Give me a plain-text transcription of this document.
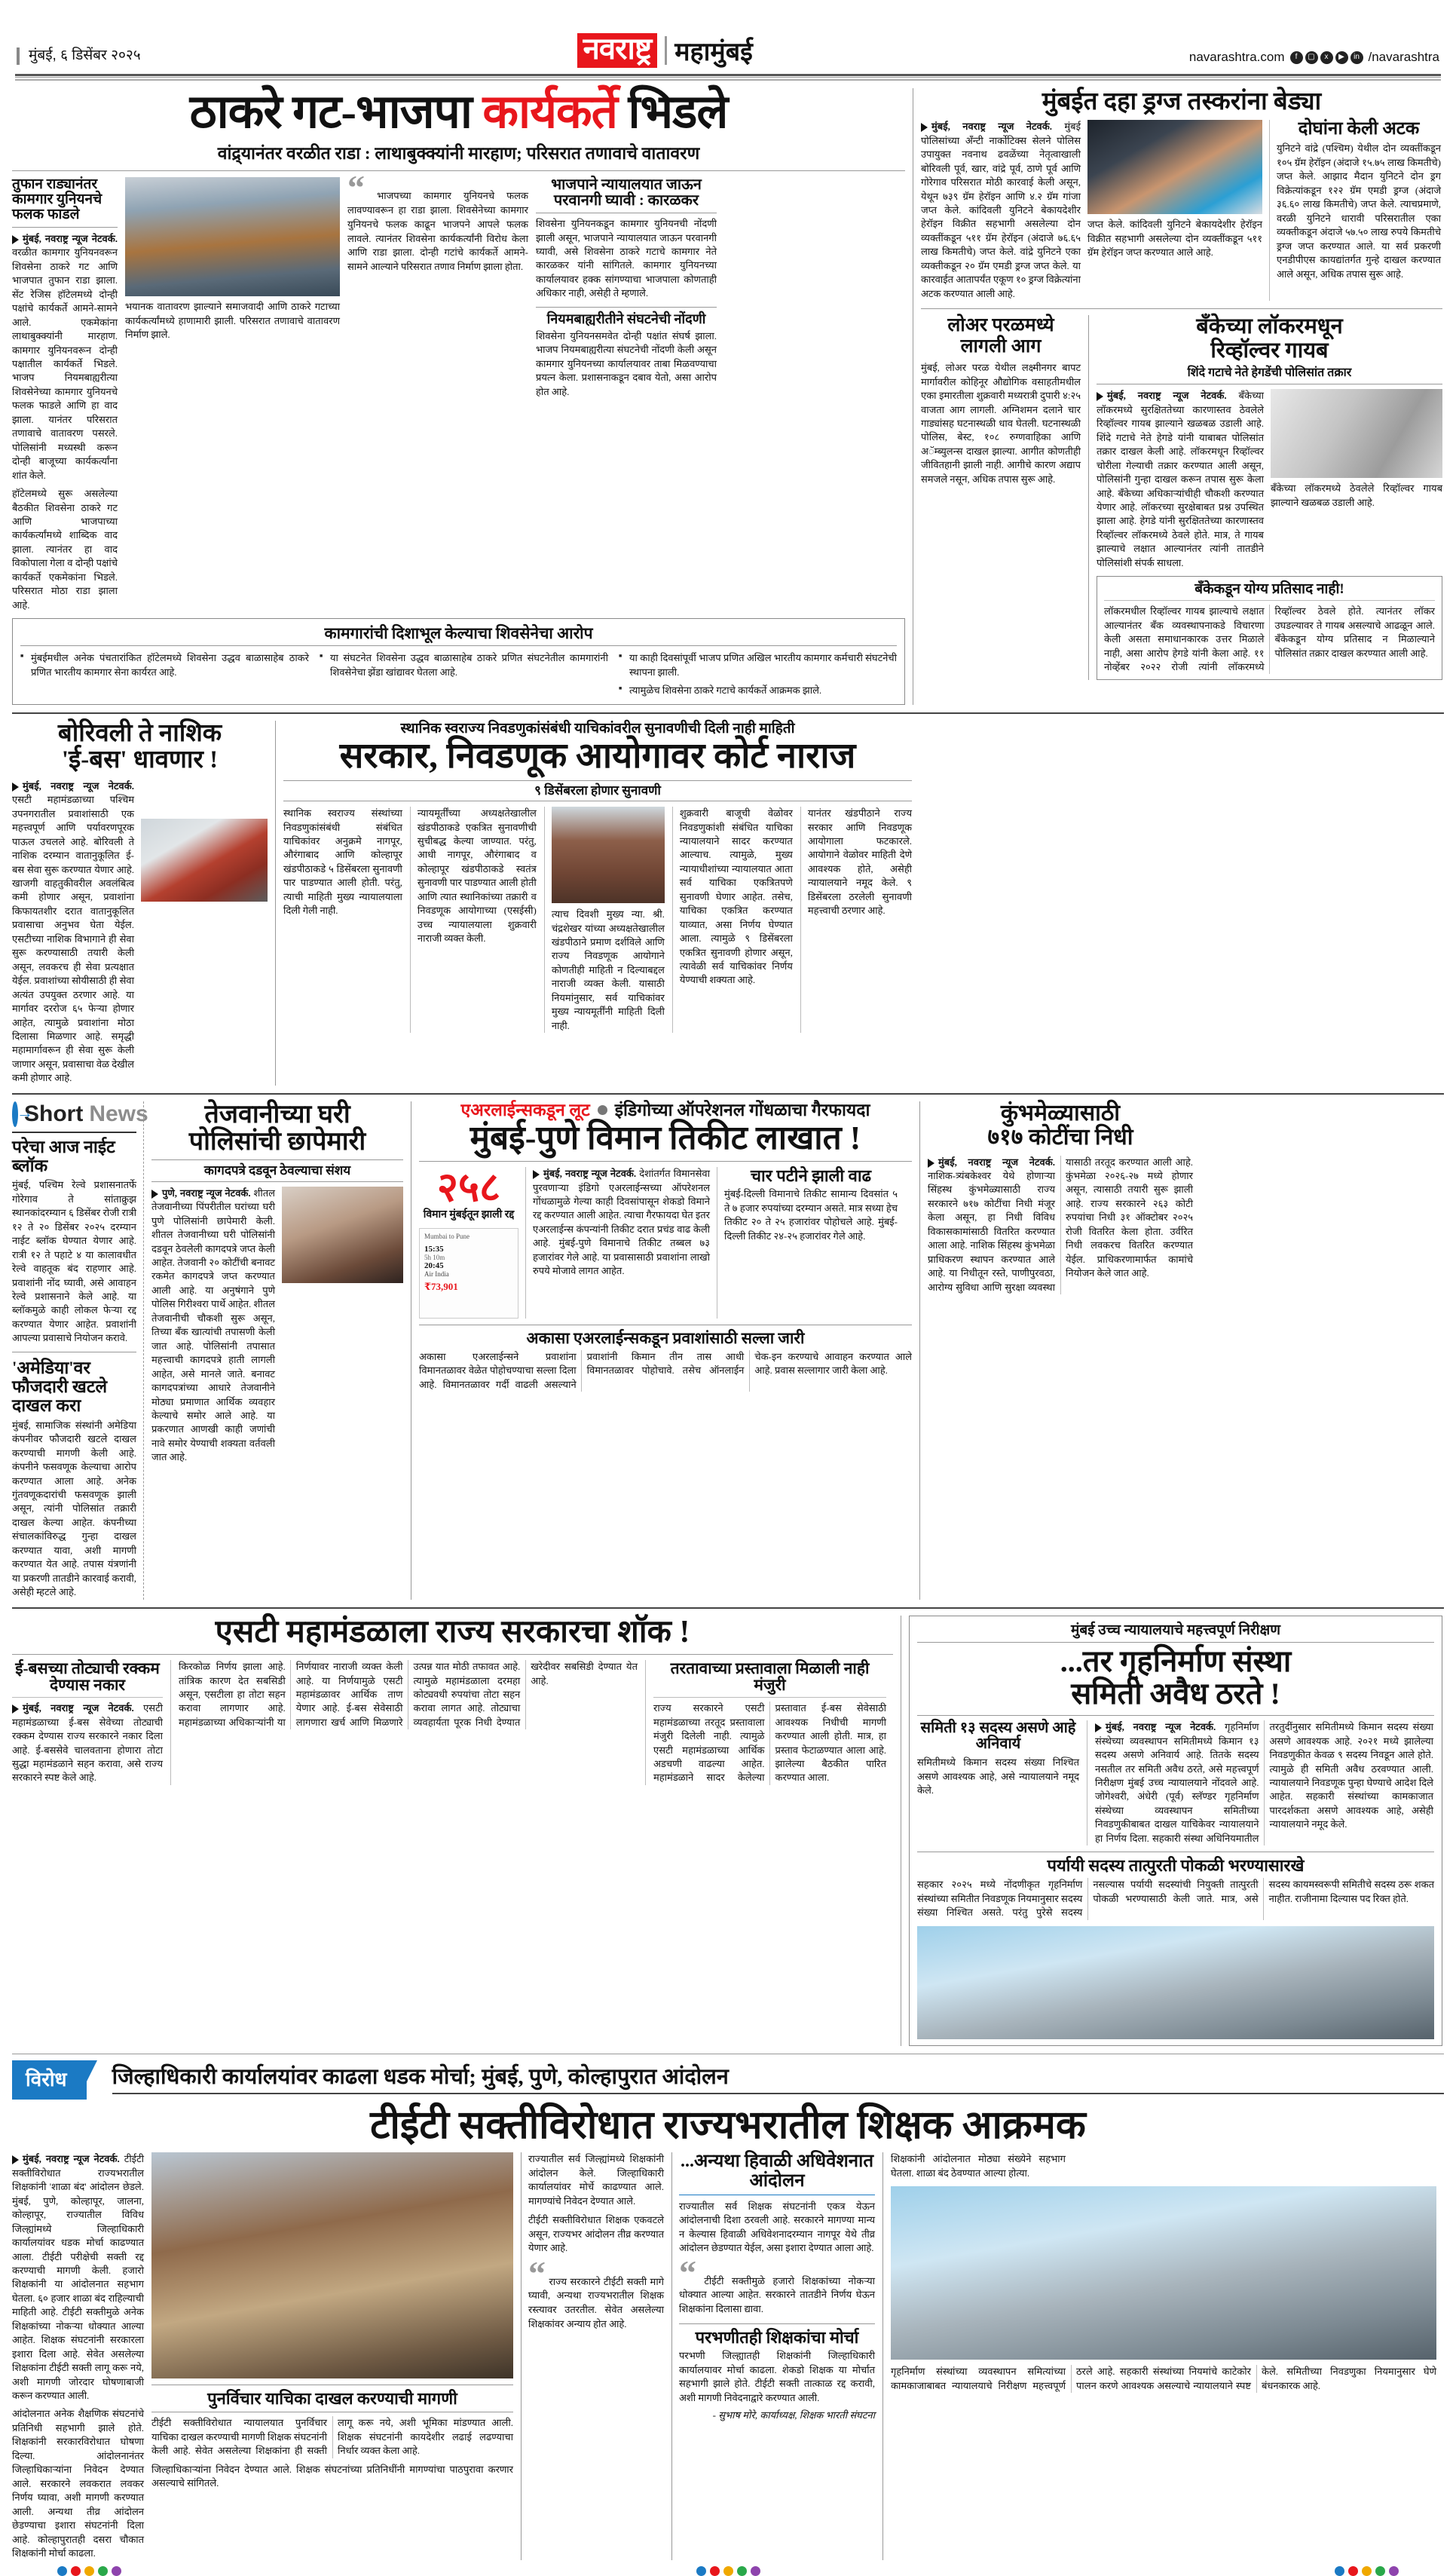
मुंबई, ६ डिसेंबर २०२५	नवराष्ट्र महामुंबई	navarashtra.com	f	▢	x	▶	in /navarashtra
ठाकरे गट-भाजपा कार्यकर्ते भिडले
वांद्र्यानंतर वरळीत राडा : लाथाबुक्क्यांनी मारहाण; परिसरात तणावाचे वातावरण
तुफान राड्यानंतर कामगार युनियनचे फलक फाडले
मुंबई, नवराष्ट्र न्यूज नेटवर्क. वरळीत कामगार युनियनवरून शिवसेना ठाकरे गट आणि भाजपात तुफान राडा झाला. सेंट रेजिस हॉटेलमध्ये दोन्ही पक्षांचे कार्यकर्ते आमने-सामने आले. एकमेकांना लाथाबुक्क्यांनी मारहाण. कामगार युनियनवरून दोन्ही पक्षातील कार्यकर्ते भिडले. भाजप नियमबाह्यरीत्या शिवसेनेच्या कामगार युनियनचे फलक फाडले आणि हा वाद झाला. यानंतर परिसरात तणावाचे वातावरण पसरले. पोलिसांनी मध्यस्थी करून दोन्ही बाजूच्या कार्यकर्त्यांना शांत केले.
हॉटेलमध्ये सुरू असलेल्या बैठकीत शिवसेना ठाकरे गट आणि भाजपाच्या कार्यकर्त्यांमध्ये शाब्दिक वाद झाला. त्यानंतर हा वाद विकोपाला गेला व दोन्ही पक्षांचे कार्यकर्ते एकमेकांना भिडले. परिसरात मोठा राडा झाला आहे.
भयानक वातावरण झाल्याने समाजवादी आणि ठाकरे गटाच्या कार्यकर्त्यांमध्ये हाणामारी झाली. परिसरात तणावाचे वातावरण निर्माण झाले.
“ भाजपच्या कामगार युनियनचे फलक लावण्यावरून हा राडा झाला. शिवसेनेच्या कामगार युनियनचे फलक काढून भाजपने आपले फलक लावले. त्यानंतर शिवसेना कार्यकर्त्यांनी विरोध केला आणि राडा झाला. दोन्ही गटांचे कार्यकर्ते आमने-सामने आल्याने परिसरात तणाव निर्माण झाला होता.
भाजपाने न्यायालयात जाऊन परवानगी घ्यावी : कारळकर
शिवसेना युनियनकडून कामगार युनियनची नोंदणी झाली असून, भाजपाने न्यायालयात जाऊन परवानगी घ्यावी, असे शिवसेना ठाकरे गटाचे कामगार नेते कारळकर यांनी सांगितले. कामगार युनियनच्या कार्यालयावर हक्क सांगण्याचा भाजपाला कोणताही अधिकार नाही, असेही ते म्हणाले.
नियमबाह्यरीतीने संघटनेची नोंदणी
शिवसेना युनियनसमवेत दोन्ही पक्षांत संघर्ष झाला. भाजप नियमबाह्यरीत्या संघटनेची नोंदणी केली असून कामगार युनियनच्या कार्यालयावर ताबा मिळवण्याचा प्रयत्न केला. प्रशासनाकडून दबाव येतो, असा आरोप होत आहे.
कामगारांची दिशाभूल केल्याचा शिवसेनेचा आरोप
■ मुंबईमधील अनेक पंचतारांकित हॉटेलमध्ये शिवसेना उद्धव बाळासाहेब ठाकरे प्रणित भारतीय कामगार सेना कार्यरत आहे.
■ या संघटनेत शिवसेना उद्धव बाळासाहेब ठाकरे प्रणित संघटनेतील कामगारांनी शिवसेनेचा झेंडा खांद्यावर घेतला आहे.
■ या काही दिवसांपूर्वी भाजप प्रणित अखिल भारतीय कामगार कर्मचारी संघटनेची स्थापना झाली.
■ त्यामुळेच शिवसेना ठाकरे गटाचे कार्यकर्ते आक्रमक झाले.
मुंबईत दहा ड्रग्ज तस्करांना बेड्या
मुंबई, नवराष्ट्र न्यूज नेटवर्क. मुंबई पोलिसांच्या अँन्टी नार्कोटिक्स सेलने पोलिस उपायुक्त नवनाथ ढवळेंच्या नेतृत्वाखाली बोरिवली पूर्व, खार, वांद्रे पूर्व, ठाणे पूर्व आणि गोरेगाव परिसरात मोठी कारवाई केली असून, येथून ७३९ ग्रॅम हेरॉइन आणि ४.२ ग्रॅम गांजा जप्त केले. कांदिवली युनिटने बेकायदेशीर हेरॉइन विक्रीत सहभागी असलेल्या दोन व्यक्तींकडून ५११ ग्रॅम हेरॉइन (अंदाजे ७६.६५ लाख किमतीचे) जप्त केले. वांद्रे युनिटने एका व्यक्तीकडून २० ग्रॅम एमडी ड्रग्ज जप्त केले. या कारवाईत आतापर्यंत एकूण १० ड्रग्ज विक्रेत्यांना अटक करण्यात आली आहे.
जप्त केले. कांदिवली युनिटने बेकायदेशीर हेरॉइन विक्रीत सहभागी असलेल्या दोन व्यक्तींकडून ५११ ग्रॅम हेरॉइन जप्त करण्यात आले आहे.
दोघांना केली अटक
युनिटने वांद्रे (पश्चिम) येथील दोन व्यक्तींकडून १०५ ग्रॅम हेरॉइन (अंदाजे १५.७५ लाख किमतीचे) जप्त केले. आझाद मैदान युनिटने दोन ड्रग विक्रेत्यांकडून १२२ ग्रॅम एमडी ड्रग्ज (अंदाजे ३६.६० लाख किमतीचे) जप्त केले. त्याचप्रमाणे, वरळी युनिटने धारावी परिसरातील एका व्यक्तीकडून अंदाजे ५७.५० लाख रुपये किमतीचे ड्रग्ज जप्त करण्यात आले. या सर्व प्रकरणी एनडीपीएस कायद्यांतर्गत गुन्हे दाखल करण्यात आले असून, अधिक तपास सुरू आहे.
लोअर परळमध्ये
लागली आग
मुंबई, लोअर परळ येथील लक्ष्मीनगर बापट मार्गावरील कोहिनूर औद्योगिक वसाहतीमधील एका इमारतीला शुक्रवारी मध्यरात्री दुपारी ४:२५ वाजता आग लागली. अग्निशमन दलाने चार गाड्यांसह घटनास्थळी धाव घेतली. घटनास्थळी पोलिस, बेस्ट, १०८ रुग्णवाहिका आणि अॅम्ब्युलन्स दाखल झाल्या. आगीत कोणतीही जीवितहानी झाली नाही. आगीचे कारण अद्याप समजले नसून, अधिक तपास सुरू आहे.
बँकेच्या लॉकरमधून
रिव्हॉल्वर गायब
शिंदे गटाचे नेते हेगडेंची पोलिसांत तक्रार
मुंबई, नवराष्ट्र न्यूज नेटवर्क. बँकेच्या लॉकरमध्ये सुरक्षिततेच्या कारणास्तव ठेवलेले रिव्हॉल्वर गायब झाल्याने खळबळ उडाली आहे. शिंदे गटाचे नेते हेगडे यांनी याबाबत पोलिसांत तक्रार दाखल केली आहे. लॉकरमधून रिव्हॉल्वर चोरीला गेल्याची तक्रार करण्यात आली असून, पोलिसांनी गुन्हा दाखल करून तपास सुरू केला आहे. बँकेच्या अधिकाऱ्यांचीही चौकशी करण्यात येणार आहे. लॉकरच्या सुरक्षेबाबत प्रश्न उपस्थित झाला आहे. हेगडे यांनी सुरक्षिततेच्या कारणास्तव रिव्हॉल्वर लॉकरमध्ये ठेवले होते. मात्र, ते गायब झाल्याचे लक्षात आल्यानंतर त्यांनी तातडीने पोलिसांशी संपर्क साधला.
बँकेच्या लॉकरमध्ये ठेवलेले रिव्हॉल्वर गायब झाल्याने खळबळ उडाली आहे.
बँकेकडून योग्य प्रतिसाद नाही!
लॉकरमधील रिव्हॉल्वर गायब झाल्याचे लक्षात आल्यानंतर बँक व्यवस्थापनाकडे विचारणा केली असता समाधानकारक उत्तर मिळाले नाही, असा आरोप हेगडे यांनी केला आहे. ११ नोव्हेंबर २०२२ रोजी त्यांनी लॉकरमध्ये रिव्हॉल्वर ठेवले होते. त्यानंतर लॉकर उघडल्यावर ते गायब असल्याचे आढळून आले. बँकेकडून योग्य प्रतिसाद न मिळाल्याने पोलिसांत तक्रार दाखल करण्यात आली आहे.
बोरिवली ते नाशिक
'ई-बस' धावणार !
मुंबई, नवराष्ट्र न्यूज नेटवर्क. एसटी महामंडळाच्या पश्चिम उपनगरातील प्रवाशांसाठी एक महत्त्वपूर्ण आणि पर्यावरणपूरक पाऊल उचलले आहे. बोरिवली ते नाशिक दरम्यान वातानुकूलित ई-बस सेवा सुरू करण्यात येणार आहे. खाजगी वाहतुकीवरील अवलंबित्व कमी होणार असून, प्रवाशांना किफायतशीर दरात वातानुकूलित प्रवासाचा अनुभव घेता येईल. एसटीच्या नाशिक विभागाने ही सेवा सुरू करण्यासाठी तयारी केली असून, लवकरच ही सेवा प्रत्यक्षात येईल. प्रवाशांच्या सोयीसाठी ही सेवा अत्यंत उपयुक्त ठरणार आहे. या मार्गावर दररोज ६५ फेऱ्या होणार आहेत, त्यामुळे प्रवाशांना मोठा दिलासा मिळणार आहे. समृद्धी महामार्गावरून ही सेवा सुरू केली जाणार असून, प्रवासाचा वेळ देखील कमी होणार आहे.
स्थानिक स्वराज्य निवडणुकांसंबंधी याचिकांवरील सुनावणीची दिली नाही माहिती
सरकार, निवडणूक आयोगावर कोर्ट नाराज
९ डिसेंबरला होणार सुनावणी
स्थानिक स्वराज्य संस्थांच्या निवडणुकांसंबंधी संबंधित याचिकांवर अनुक्रमे नागपूर, औरंगाबाद आणि कोल्हापूर खंडपीठाकडे ५ डिसेंबरला सुनावणी पार पाडण्यात आली होती. परंतु, त्याची माहिती मुख्य न्यायालयाला दिली गेली नाही.
न्यायमूर्तींच्या अध्यक्षतेखालील खंडपीठाकडे एकत्रित सुनावणीची सुचीबद्ध केल्या जाण्यात. परंतु, आधी नागपूर, औरंगाबाद व कोल्हापूर खंडपीठाकडे स्वतंत्र सुनावणी पार पाडण्यात आली होती आणि त्यात स्थानिकांच्या तक्रारी व निवडणूक आयोगाच्या (एसईसी) उच्च न्यायालयाला शुक्रवारी नाराजी व्यक्त केली.
त्याच दिवशी मुख्य न्या. श्री. चंद्रशेखर यांच्या अध्यक्षतेखालील खंडपीठाने प्रमाण दर्शविले आणि राज्य निवडणूक आयोगाने कोणतीही माहिती न दिल्याबद्दल नाराजी व्यक्त केली. यासाठी नियमांनुसार, सर्व याचिकांवर मुख्य न्यायमूर्तींनी माहिती दिली नाही.
शुक्रवारी बाजूची वेळोवर निवडणुकांशी संबंधित याचिका न्यायालयाने सादर करण्यात आल्याच. त्यामुळे, मुख्य न्यायाधीशांच्या न्यायालयात आता सर्व याचिका एकत्रितपणे सुनावणी घेणार आहेत. तसेच, याचिका एकत्रित करण्यात याव्यात, असा निर्णय घेण्यात आला. त्यामुळे ९ डिसेंबरला एकत्रित सुनावणी होणार असून, त्यावेळी सर्व याचिकांवर निर्णय येण्याची शक्यता आहे.
यानंतर खंडपीठाने राज्य सरकार आणि निवडणूक आयोगाला फटकारले. आयोगाने वेळोवर माहिती देणे आवश्यक होते, असेही न्यायालयाने नमूद केले. ९ डिसेंबरला ठरलेली सुनावणी महत्त्वाची ठरणार आहे.
→
Short News
परेचा आज नाईट ब्लॉक
मुंबई, पश्चिम रेल्वे प्रशासनातर्फे गोरेगाव ते सांताक्रुझ स्थानकांदरम्यान ६ डिसेंबर रोजी रात्री १२ ते २० डिसेंबर २०२५ दरम्यान नाईट ब्लॉक घेण्यात येणार आहे. रात्री १२ ते पहाटे ४ या कालावधीत रेल्वे वाहतूक बंद राहणार आहे. प्रवाशांनी नोंद घ्यावी, असे आवाहन रेल्वे प्रशासनाने केले आहे. या ब्लॉकमुळे काही लोकल फेऱ्या रद्द करण्यात येणार आहेत. प्रवाशांनी आपल्या प्रवासाचे नियोजन करावे.
'अमेडिया'वर फौजदारी खटले दाखल करा
मुंबई, सामाजिक संस्थांनी अमेडिया कंपनीवर फौजदारी खटले दाखल करण्याची मागणी केली आहे. कंपनीने फसवणूक केल्याचा आरोप करण्यात आला आहे. अनेक गुंतवणूकदारांची फसवणूक झाली असून, त्यांनी पोलिसांत तक्रारी दाखल केल्या आहेत. कंपनीच्या संचालकांविरुद्ध गुन्हा दाखल करण्यात यावा, अशी मागणी करण्यात येत आहे. तपास यंत्रणांनी या प्रकरणी तातडीने कारवाई करावी, असेही म्हटले आहे.
तेजवानीच्या घरी
पोलिसांची छापेमारी
कागदपत्रे दडवून ठेवल्याचा संशय
पुणे, नवराष्ट्र न्यूज नेटवर्क. शीतल तेजवानीच्या पिंपरीतील घरांच्या घरी पुणे पोलिसांनी छापेमारी केली. शीतल तेजवानीच्या घरी पोलिसांनी दडवून ठेवलेली कागदपत्रे जप्त केली आहेत. तेजवानी २० कोटींची बनावट रकमेत कागदपत्रे जप्त करण्यात आली आहे. या अनुषंगाने पुणे पोलिस गिरीश्वरा पार्थे आहेत. शीतल तेजवानीची चौकशी सुरू असून, तिच्या बँक खात्यांची तपासणी केली जात आहे. पोलिसांनी तपासात महत्त्वाची कागदपत्रे हाती लागली आहेत, असे मानले जाते. बनावट कागदपत्रांच्या आधारे तेजवानीने मोठ्या प्रमाणात आर्थिक व्यवहार केल्याचे समोर आले आहे. या प्रकरणात आणखी काही जणांची नावे समोर येण्याची शक्यता वर्तवली जात आहे.
एअरलाईन्सकडून लूट इंडिगोच्या ऑपरेशनल गोंधळाचा गैरफायदा
मुंबई-पुणे विमान तिकीट लाखात !
२५८
विमान मुंबईतून झाली रद्द
Mumbai to Pune
15:35
5h 10m
20:45
Air India
₹73,901
मुंबई, नवराष्ट्र न्यूज नेटवर्क. देशांतर्गत विमानसेवा पुरवणाऱ्या इंडिगो एअरलाईन्सच्या ऑपरेशनल गोंधळामुळे गेल्या काही दिवसांपासून शेकडो विमाने रद्द करण्यात आली आहेत. त्याचा गैरफायदा घेत इतर एअरलाईन्स कंपन्यांनी तिकीट दरात प्रचंड वाढ केली आहे. मुंबई-पुणे विमानाचे तिकीट तब्बल ७३ हजारांवर गेले आहे. या प्रवासासाठी प्रवाशांना लाखो रुपये मोजावे लागत आहेत.
चार पटीने झाली वाढ
मुंबई-दिल्ली विमानाचे तिकीट सामान्य दिवसांत ५ ते ७ हजार रुपयांच्या दरम्यान असते. मात्र सध्या हेच तिकीट २० ते २५ हजारांवर पोहोचले आहे. मुंबई-दिल्ली तिकीट २४-२५ हजारांवर गेले आहे.
अकासा एअरलाईन्सकडून प्रवाशांसाठी सल्ला जारी
अकासा एअरलाईन्सने प्रवाशांना विमानतळावर वेळेत पोहोचण्याचा सल्ला दिला आहे. विमानतळावर गर्दी वाढली असल्याने प्रवाशांनी किमान तीन तास आधी विमानतळावर पोहोचावे. तसेच ऑनलाईन चेक-इन करण्याचे आवाहन करण्यात आले आहे. प्रवास सल्लागार जारी केला आहे.
कुंभमेळ्यासाठी
७१७ कोटींचा निधी
मुंबई, नवराष्ट्र न्यूज नेटवर्क. नाशिक-त्र्यंबकेश्वर येथे होणाऱ्या सिंहस्थ कुंभमेळ्यासाठी राज्य सरकारने ७१७ कोटींचा निधी मंजूर केला असून, हा निधी विविध विकासकामांसाठी वितरित करण्यात आला आहे. नाशिक सिंहस्थ कुंभमेळा प्राधिकरण स्थापन करण्यात आले आहे. या निधीतून रस्ते, पाणीपुरवठा, आरोग्य सुविधा आणि सुरक्षा व्यवस्था यासाठी तरतूद करण्यात आली आहे. कुंभमेळा २०२६-२७ मध्ये होणार असून, त्यासाठी तयारी सुरू झाली आहे. राज्य सरकारने २६३ कोटी रुपयांचा निधी ३१ ऑक्टोबर २०२५ रोजी वितरित केला होता. उर्वरित निधी लवकरच वितरित करण्यात येईल. प्राधिकरणामार्फत कामांचे नियोजन केले जात आहे.
एसटी महामंडळाला राज्य सरकारचा शॉक !
ई-बसच्या तोट्याची रक्कम देण्यास नकार
मुंबई, नवराष्ट्र न्यूज नेटवर्क. एसटी महामंडळाच्या ई-बस सेवेच्या तोट्याची रक्कम देण्यास राज्य सरकारने नकार दिला आहे. ई-बससेवे चालवताना होणारा तोटा सुद्धा महामंडळाने सहन करावा, असे राज्य सरकारने स्पष्ट केले आहे.
किरकोळ निर्णय झाला आहे. तांत्रिक कारण देत सबसिडी असून, एसटीला हा तोटा सहन करावा लागणार आहे. महामंडळाच्या अधिकाऱ्यांनी या निर्णयावर नाराजी व्यक्त केली आहे. या निर्णयामुळे एसटी महामंडळावर आर्थिक ताण येणार आहे. ई-बस सेवेसाठी लागणारा खर्च आणि मिळणारे उत्पन्न यात मोठी तफावत आहे. त्यामुळे महामंडळाला दरमहा कोट्यवधी रुपयांचा तोटा सहन करावा लागत आहे. तोट्याचा व्यवहार्यता पूरक निधी देण्यात खरेदीवर सबसिडी देण्यात येत आहे.
तरतावाच्या प्रस्तावाला मिळाली नाही मंजुरी
राज्य सरकारने एसटी महामंडळाच्या तरतूद प्रस्तावाला मंजुरी दिलेली नाही. त्यामुळे एसटी महामंडळाच्या आर्थिक अडचणी वाढल्या आहेत. महामंडळाने सादर केलेल्या प्रस्तावात ई-बस सेवेसाठी आवश्यक निधीची मागणी करण्यात आली होती. मात्र, हा प्रस्ताव फेटाळण्यात आला आहे. झालेल्या बैठकीत पारित करण्यात आला.
मुंबई उच्च न्यायालयाचे महत्त्वपूर्ण निरीक्षण
...तर गृहनिर्माण संस्था
समिती अवैध ठरते !
समिती १३ सदस्य असणे आहे अनिवार्य
समितीमध्ये किमान सदस्य संख्या निश्चित असणे आवश्यक आहे, असे न्यायालयाने नमूद केले.
मुंबई, नवराष्ट्र न्यूज नेटवर्क. गृहनिर्माण संस्थेच्या व्यवस्थापन समितीमध्ये किमान १३ सदस्य असणे अनिवार्य आहे. तितके सदस्य नसतील तर समिती अवैध ठरते, असे महत्त्वपूर्ण निरीक्षण मुंबई उच्च न्यायालयाने नोंदवले आहे. जोगेश्वरी, अंधेरी (पूर्व) स्लॅण्डर गृहनिर्माण संस्थेच्या व्यवस्थापन समितीच्या निवडणुकीबाबत दाखल याचिकेवर न्यायालयाने हा निर्णय दिला. सहकारी संस्था अधिनियमातील तरतुदींनुसार समितीमध्ये किमान सदस्य संख्या असणे आवश्यक आहे. २०२१ मध्ये झालेल्या निवडणुकीत केवळ ९ सदस्य निवडून आले होते. त्यामुळे ही समिती अवैध ठरवण्यात आली. न्यायालयाने निवडणूक पुन्हा घेण्याचे आदेश दिले आहेत. सहकारी संस्थांच्या कामकाजात पारदर्शकता असणे आवश्यक आहे, असेही न्यायालयाने नमूद केले.
पर्यायी सदस्य तात्पुरती पोकळी भरण्यासारखे
सहकार २०२५ मध्ये नोंदणीकृत गृहनिर्माण संस्थांच्या समितीत निवडणूक नियमानुसार सदस्य संख्या निश्चित असते. परंतु पुरेसे सदस्य नसल्यास पर्यायी सदस्यांची नियुक्ती तात्पुरती पोकळी भरण्यासाठी केली जाते. मात्र, असे सदस्य कायमस्वरूपी समितीचे सदस्य ठरू शकत नाहीत. राजीनामा दिल्यास पद रिक्त होते.
विरोध	जिल्हाधिकारी कार्यालयांवर काढला धडक मोर्चा; मुंबई, पुणे, कोल्हापुरात आंदोलन
टीईटी सक्तीविरोधात राज्यभरातील शिक्षक आक्रमक
मुंबई, नवराष्ट्र न्यूज नेटवर्क. टीईटी सक्तीविरोधात राज्यभरातील शिक्षकांनी 'शाळा बंद' आंदोलन छेडले. मुंबई, पुणे, कोल्हापूर, जालना, कोल्हापूर, राज्यातील विविध जिल्ह्यांमध्ये जिल्हाधिकारी कार्यालयांवर धडक मोर्चा काढण्यात आला. टीईटी परीक्षेची सक्ती रद्द करण्याची मागणी केली. हजारो शिक्षकांनी या आंदोलनात सहभाग घेतला. ६० हजार शाळा बंद राहिल्याची माहिती आहे. टीईटी सक्तीमुळे अनेक शिक्षकांच्या नोकऱ्या धोक्यात आल्या आहेत. शिक्षक संघटनांनी सरकारला इशारा दिला आहे. सेवेत असलेल्या शिक्षकांना टीईटी सक्ती लागू करू नये, अशी मागणी जोरदार घोषणाबाजी करून करण्यात आली.
आंदोलनात अनेक शैक्षणिक संघटनांचे प्रतिनिधी सहभागी झाले होते. शिक्षकांनी सरकारविरोधात घोषणा दिल्या. आंदोलनानंतर जिल्हाधिकाऱ्यांना निवेदन देण्यात आले. सरकारने लवकरात लवकर निर्णय घ्यावा, अशी मागणी करण्यात आली. अन्यथा तीव्र आंदोलन छेडण्याचा इशारा संघटनांनी दिला आहे. कोल्हापुरातही दसरा चौकात शिक्षकांनी मोर्चा काढला.
पुनर्विचार याचिका दाखल करण्याची मागणी
टीईटी सक्तीविरोधात न्यायालयात पुनर्विचार याचिका दाखल करण्याची मागणी शिक्षक संघटनांनी केली आहे. सेवेत असलेल्या शिक्षकांना ही सक्ती लागू करू नये, अशी भूमिका मांडण्यात आली. शिक्षक संघटनांनी कायदेशीर लढाई लढण्याचा निर्धार व्यक्त केला आहे.
जिल्हाधिकाऱ्यांना निवेदन देण्यात आले. शिक्षक संघटनांच्या प्रतिनिधींनी मागण्यांचा पाठपुरावा करणार असल्याचे सांगितले.
राज्यातील सर्व जिल्ह्यांमध्ये शिक्षकांनी आंदोलन केले. जिल्हाधिकारी कार्यालयांवर मोर्चे काढण्यात आले. मागण्यांचे निवेदन देण्यात आले.
टीईटी सक्तीविरोधात शिक्षक एकवटले असून, राज्यभर आंदोलन तीव्र करण्यात येणार आहे.
“ राज्य सरकारने टीईटी सक्ती मागे घ्यावी, अन्यथा राज्यभरातील शिक्षक रस्त्यावर उतरतील. सेवेत असलेल्या शिक्षकांवर अन्याय होत आहे.
...अन्यथा हिवाळी अधिवेशनात आंदोलन
राज्यातील सर्व शिक्षक संघटनांनी एकत्र येऊन आंदोलनाची दिशा ठरवली आहे. सरकारने मागण्या मान्य न केल्यास हिवाळी अधिवेशनादरम्यान नागपूर येथे तीव्र आंदोलन छेडण्यात येईल, असा इशारा देण्यात आला आहे.
“ टीईटी सक्तीमुळे हजारो शिक्षकांच्या नोकऱ्या धोक्यात आल्या आहेत. सरकारने तातडीने निर्णय घेऊन शिक्षकांना दिलासा द्यावा.
परभणीतही शिक्षकांचा मोर्चा
परभणी जिल्ह्यातही शिक्षकांनी जिल्हाधिकारी कार्यालयावर मोर्चा काढला. शेकडो शिक्षक या मोर्चात सहभागी झाले होते. टीईटी सक्ती तात्काळ रद्द करावी, अशी मागणी निवेदनाद्वारे करण्यात आली.
- सुभाष मोरे, कार्याध्यक्ष, शिक्षक भारती संघटना
शिक्षकांनी आंदोलनात मोठ्या संख्येने सहभाग घेतला. शाळा बंद ठेवण्यात आल्या होत्या.
गृहनिर्माण संस्थांच्या व्यवस्थापन समित्यांच्या कामकाजाबाबत न्यायालयाचे निरीक्षण महत्त्वपूर्ण ठरले आहे. सहकारी संस्थांच्या नियमांचे काटेकोर पालन करणे आवश्यक असल्याचे न्यायालयाने स्पष्ट केले. समितीच्या निवडणुका नियमानुसार घेणे बंधनकारक आहे.
